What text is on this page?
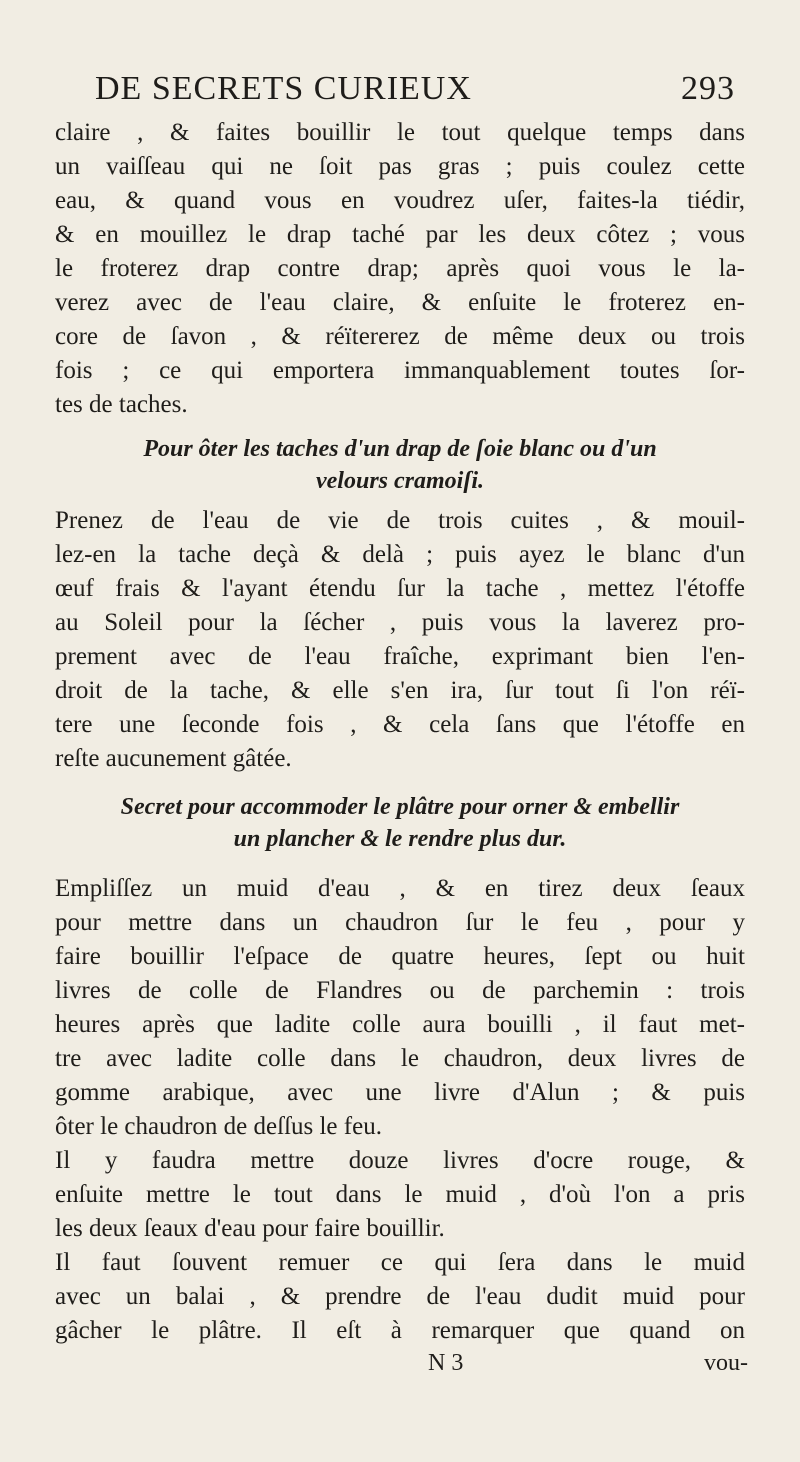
DE SECRETS CURIEUX	293
claire , & faites bouillir le tout quelque temps dans
un vaiſſeau qui ne ſoit pas gras ; puis coulez cette
eau, & quand vous en voudrez uſer, faites-la tiédir,
& en mouillez le drap taché par les deux côtez ; vous
le froterez drap contre drap; après quoi vous le la-
verez avec de l'eau claire, & enſuite le froterez en-
core de ſavon , & réïtererez de même deux ou trois
fois ; ce qui emportera immanquablement toutes ſor-
tes de taches.
Pour ôter les taches d'un drap de ſoie blanc ou d'un
velours cramoiſi.
Prenez de l'eau de vie de trois cuites , & mouil-
lez-en la tache deçà & delà ; puis ayez le blanc d'un
œuf frais & l'ayant étendu ſur la tache , mettez l'étoffe
au Soleil pour la ſécher , puis vous la laverez pro-
prement avec de l'eau fraîche, exprimant bien l'en-
droit de la tache, & elle s'en ira, ſur tout ſi l'on réï-
tere une ſeconde fois , & cela ſans que l'étoffe en
reſte aucunement gâtée.
Secret pour accommoder le plâtre pour orner & embellir
un plancher & le rendre plus dur.
Empliſſez un muid d'eau , & en tirez deux ſeaux
pour mettre dans un chaudron ſur le feu , pour y
faire bouillir l'eſpace de quatre heures, ſept ou huit
livres de colle de Flandres ou de parchemin : trois
heures après que ladite colle aura bouilli , il faut met-
tre avec ladite colle dans le chaudron, deux livres de
gomme arabique, avec une livre d'Alun ; & puis
ôter le chaudron de deſſus le feu.
Il y faudra mettre douze livres d'ocre rouge, &
enſuite mettre le tout dans le muid , d'où l'on a pris
les deux ſeaux d'eau pour faire bouillir.
Il faut ſouvent remuer ce qui ſera dans le muid
avec un balai , & prendre de l'eau dudit muid pour
gâcher le plâtre. Il eſt à remarquer que quand on
N 3	vou-
